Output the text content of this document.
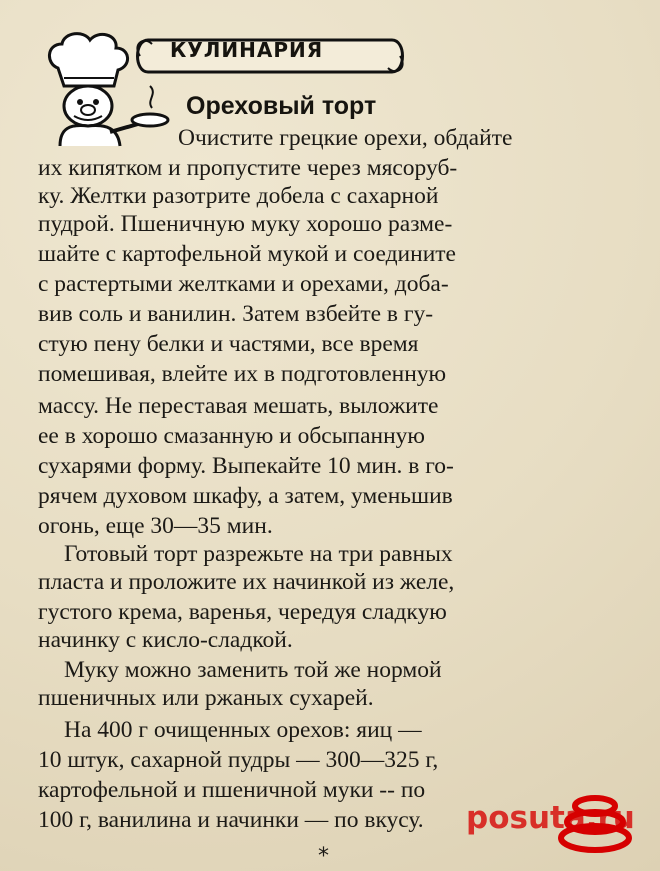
КУЛИНАРИЯ
Ореховый торт
Очистите грецкие орехи, обдайте
их кипятком и пропустите через мясоруб-
ку. Желтки разотрите добела с сахарной
пудрой. Пшеничную муку хорошо разме-
шайте с картофельной мукой и соедините
с растертыми желтками и орехами, доба-
вив соль и ванилин. Затем взбейте в гу-
стую пену белки и частями, все время
помешивая, влейте их в подготовленную
массу. Не переставая мешать, выложите
ее в хорошо смазанную и обсыпанную
сухарями форму. Выпекайте 10 мин. в го-
рячем духовом шкафу, а затем, уменьшив
огонь, еще 30—35 мин.
Готовый торт разрежьте на три равных
пласта и проложите их начинкой из желе,
густого крема, варенья, чередуя сладкую
начинку с кисло-сладкой.
Муку можно заменить той же нормой
пшеничных или ржаных сухарей.
На 400 г очищенных орехов: яиц —
10 штук, сахарной пудры — 300—325 г,
картофельной и пшеничной муки -- по
100 г, ванилина и начинки — по вкусу.
*
posuta.ru
